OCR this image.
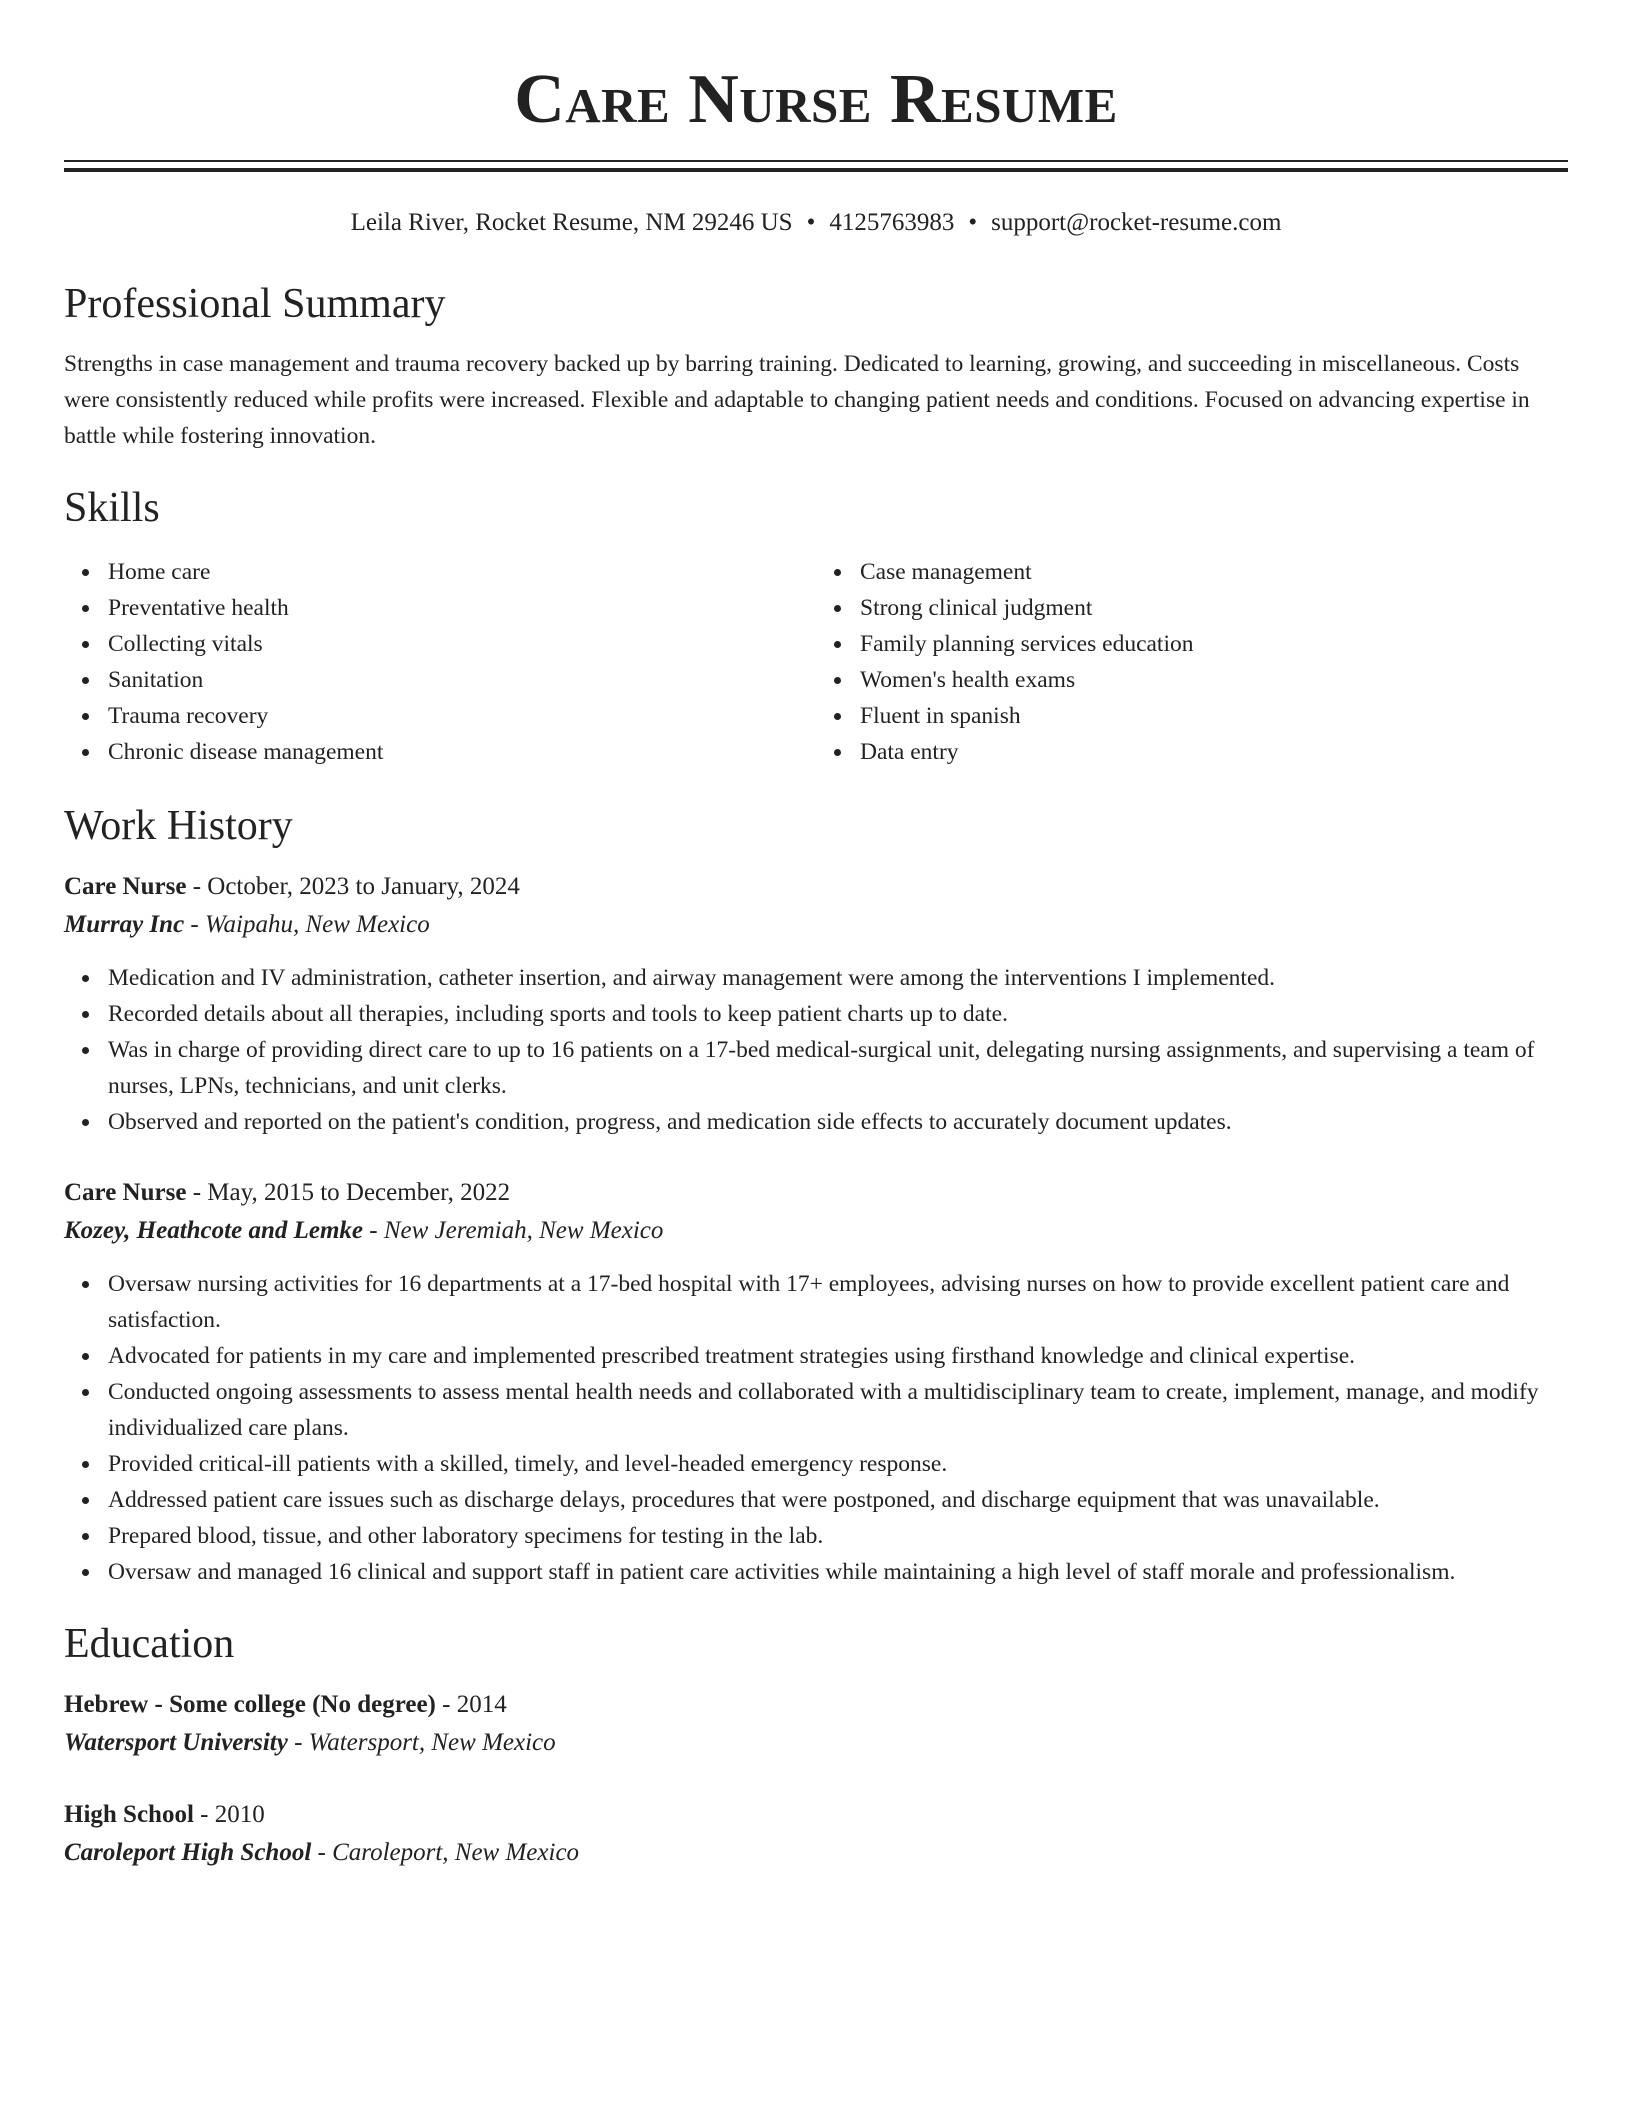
Care Nurse Resume
Leila River, Rocket Resume, NM 29246 US • 4125763983 • support@rocket-resume.com
Professional Summary

Strengths in case management and trauma recovery backed up by barring training. Dedicated to learning, growing, and succeeding in miscellaneous. Costs were consistently reduced while profits were increased. Flexible and adaptable to changing patient needs and conditions. Focused on advancing expertise in battle while fostering innovation.

Skills
Home care
Preventative health
Collecting vitals
Sanitation
Trauma recovery
Chronic disease management
Case management
Strong clinical judgment
Family planning services education
Women's health exams
Fluent in spanish
Data entry
Work History
Care Nurse - October, 2023 to January, 2024
Murray Inc - Waipahu, New Mexico
Medication and IV administration, catheter insertion, and airway management were among the interventions I implemented.
Recorded details about all therapies, including sports and tools to keep patient charts up to date.
Was in charge of providing direct care to up to 16 patients on a 17-bed medical-surgical unit, delegating nursing assignments, and supervising a team of nurses, LPNs, technicians, and unit clerks.
Observed and reported on the patient's condition, progress, and medication side effects to accurately document updates.
Care Nurse - May, 2015 to December, 2022
Kozey, Heathcote and Lemke - New Jeremiah, New Mexico
Oversaw nursing activities for 16 departments at a 17-bed hospital with 17+ employees, advising nurses on how to provide excellent patient care and satisfaction.
Advocated for patients in my care and implemented prescribed treatment strategies using firsthand knowledge and clinical expertise.
Conducted ongoing assessments to assess mental health needs and collaborated with a multidisciplinary team to create, implement, manage, and modify individualized care plans.
Provided critical-ill patients with a skilled, timely, and level-headed emergency response.
Addressed patient care issues such as discharge delays, procedures that were postponed, and discharge equipment that was unavailable.
Prepared blood, tissue, and other laboratory specimens for testing in the lab.
Oversaw and managed 16 clinical and support staff in patient care activities while maintaining a high level of staff morale and professionalism.
Education
Hebrew - Some college (No degree) - 2014
Watersport University - Watersport, New Mexico
High School - 2010
Caroleport High School - Caroleport, New Mexico
